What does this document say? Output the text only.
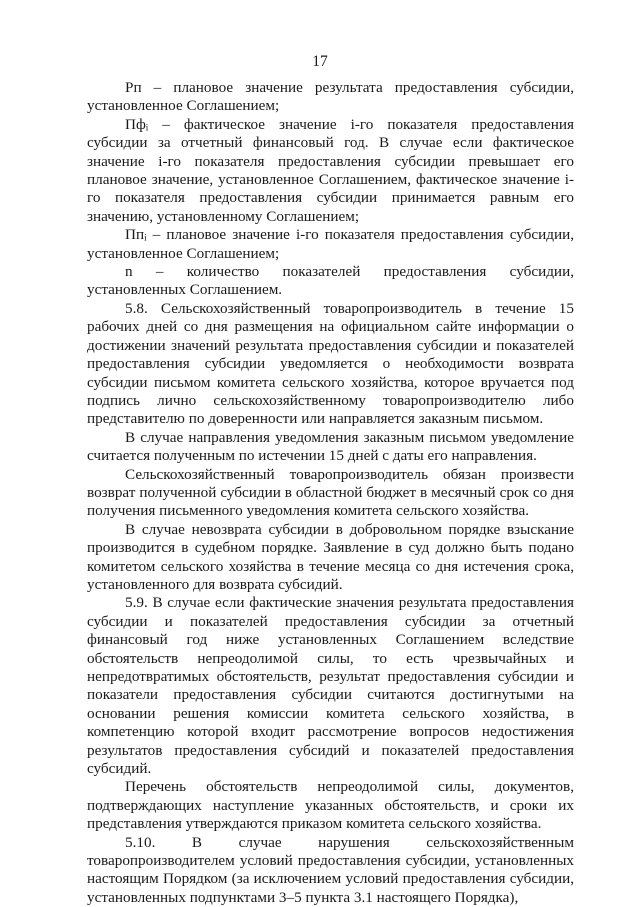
17

Рп – плановое значение результата предоставления субсидии, установленное Соглашением;

Пфᵢ – фактическое значение i-го показателя предоставления субсидии за отчетный финансовый год. В случае если фактическое значение i-го показателя предоставления субсидии превышает его плановое значение, установленное Соглашением, фактическое значение i-го показателя предоставления субсидии принимается равным его значению, установленному Соглашением;

Ппᵢ – плановое значение i-го показателя предоставления субсидии, установленное Соглашением;

n – количество показателей предоставления субсидии, установленных Соглашением.

5.8. Сельскохозяйственный товаропроизводитель в течение 15 рабочих дней со дня размещения на официальном сайте информации о достижении значений результата предоставления субсидии и показателей предоставления субсидии уведомляется о необходимости возврата субсидии письмом комитета сельского хозяйства, которое вручается под подпись лично сельскохозяйственному товаропроизводителю либо представителю по доверенности или направляется заказным письмом.

В случае направления уведомления заказным письмом уведомление считается полученным по истечении 15 дней с даты его направления.

Сельскохозяйственный товаропроизводитель обязан произвести возврат полученной субсидии в областной бюджет в месячный срок со дня получения письменного уведомления комитета сельского хозяйства.

В случае невозврата субсидии в добровольном порядке взыскание производится в судебном порядке. Заявление в суд должно быть подано комитетом сельского хозяйства в течение месяца со дня истечения срока, установленного для возврата субсидий.

5.9. В случае если фактические значения результата предоставления субсидии и показателей предоставления субсидии за отчетный финансовый год ниже установленных Соглашением вследствие обстоятельств непреодолимой силы, то есть чрезвычайных и непредотвратимых обстоятельств, результат предоставления субсидии и показатели предоставления субсидии считаются достигнутыми на основании решения комиссии комитета сельского хозяйства, в компетенцию которой входит рассмотрение вопросов недостижения результатов предоставления субсидий и показателей предоставления субсидий.

Перечень обстоятельств непреодолимой силы, документов, подтверждающих наступление указанных обстоятельств, и сроки их представления утверждаются приказом комитета сельского хозяйства.

5.10. В случае нарушения сельскохозяйственным товаропроизводителем условий предоставления субсидии, установленных настоящим Порядком (за исключением условий предоставления субсидии, установленных подпунктами 3–5 пункта 3.1 настоящего Порядка),
